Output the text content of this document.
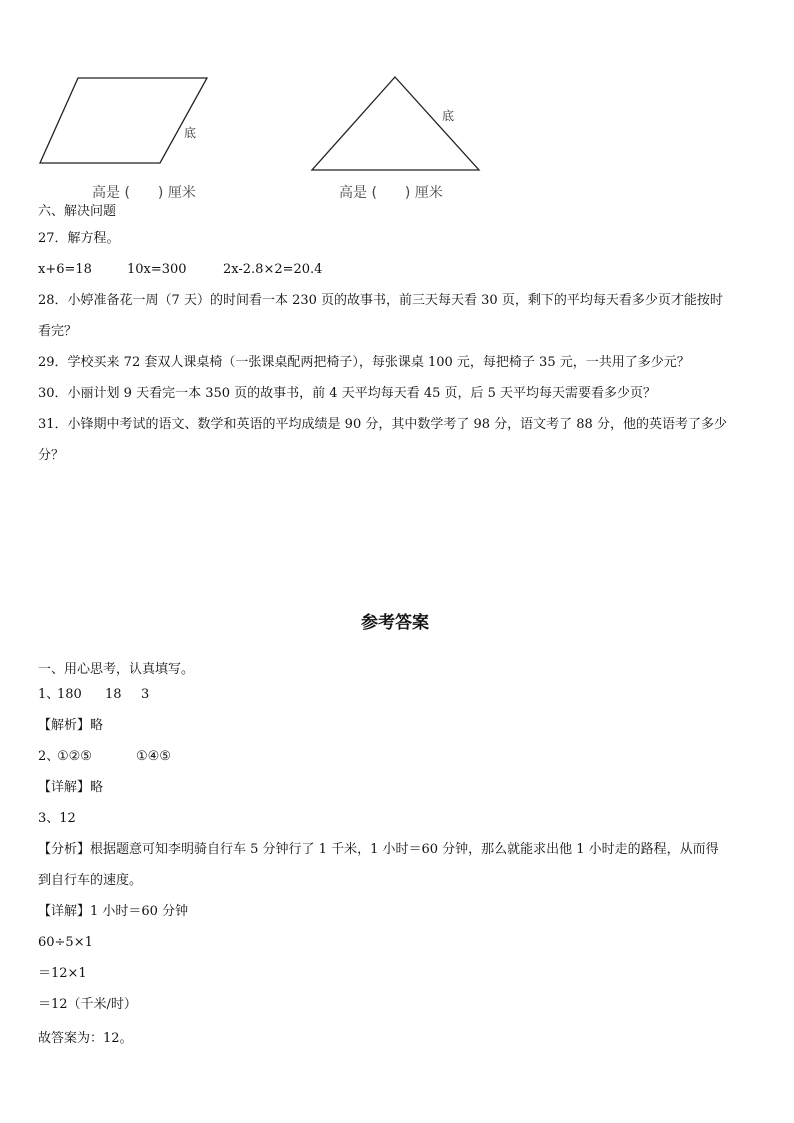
底
高是 (　　) 厘米
底
高是 (　　) 厘米
六、解决问题
27．解方程。
x+6=18	10x=300	2x-2.8×2=20.4
28．小婷准备花一周（7 天）的时间看一本 230 页的故事书，前三天每天看 30 页，剩下的平均每天看多少页才能按时
看完？
29．学校买来 72 套双人课桌椅（一张课桌配两把椅子），每张课桌 100 元，每把椅子 35 元，一共用了多少元？
30．小丽计划 9 天看完一本 350 页的故事书，前 4 天平均每天看 45 页，后 5 天平均每天需要看多少页？
31．小锋期中考试的语文、数学和英语的平均成绩是 90 分，其中数学考了 98 分，语文考了 88 分，他的英语考了多少
分？
参考答案
一、用心思考，认真填写。
1、180 18 3
【解析】略
2、①②⑤	①④⑤
【详解】略
3、12
【分析】根据题意可知李明骑自行车 5 分钟行了 1 千米，1 小时＝60 分钟，那么就能求出他 1 小时走的路程，从而得
到自行车的速度。
【详解】1 小时＝60 分钟
60÷5×1
＝12×1
＝12（千米/时）
故答案为：12。
